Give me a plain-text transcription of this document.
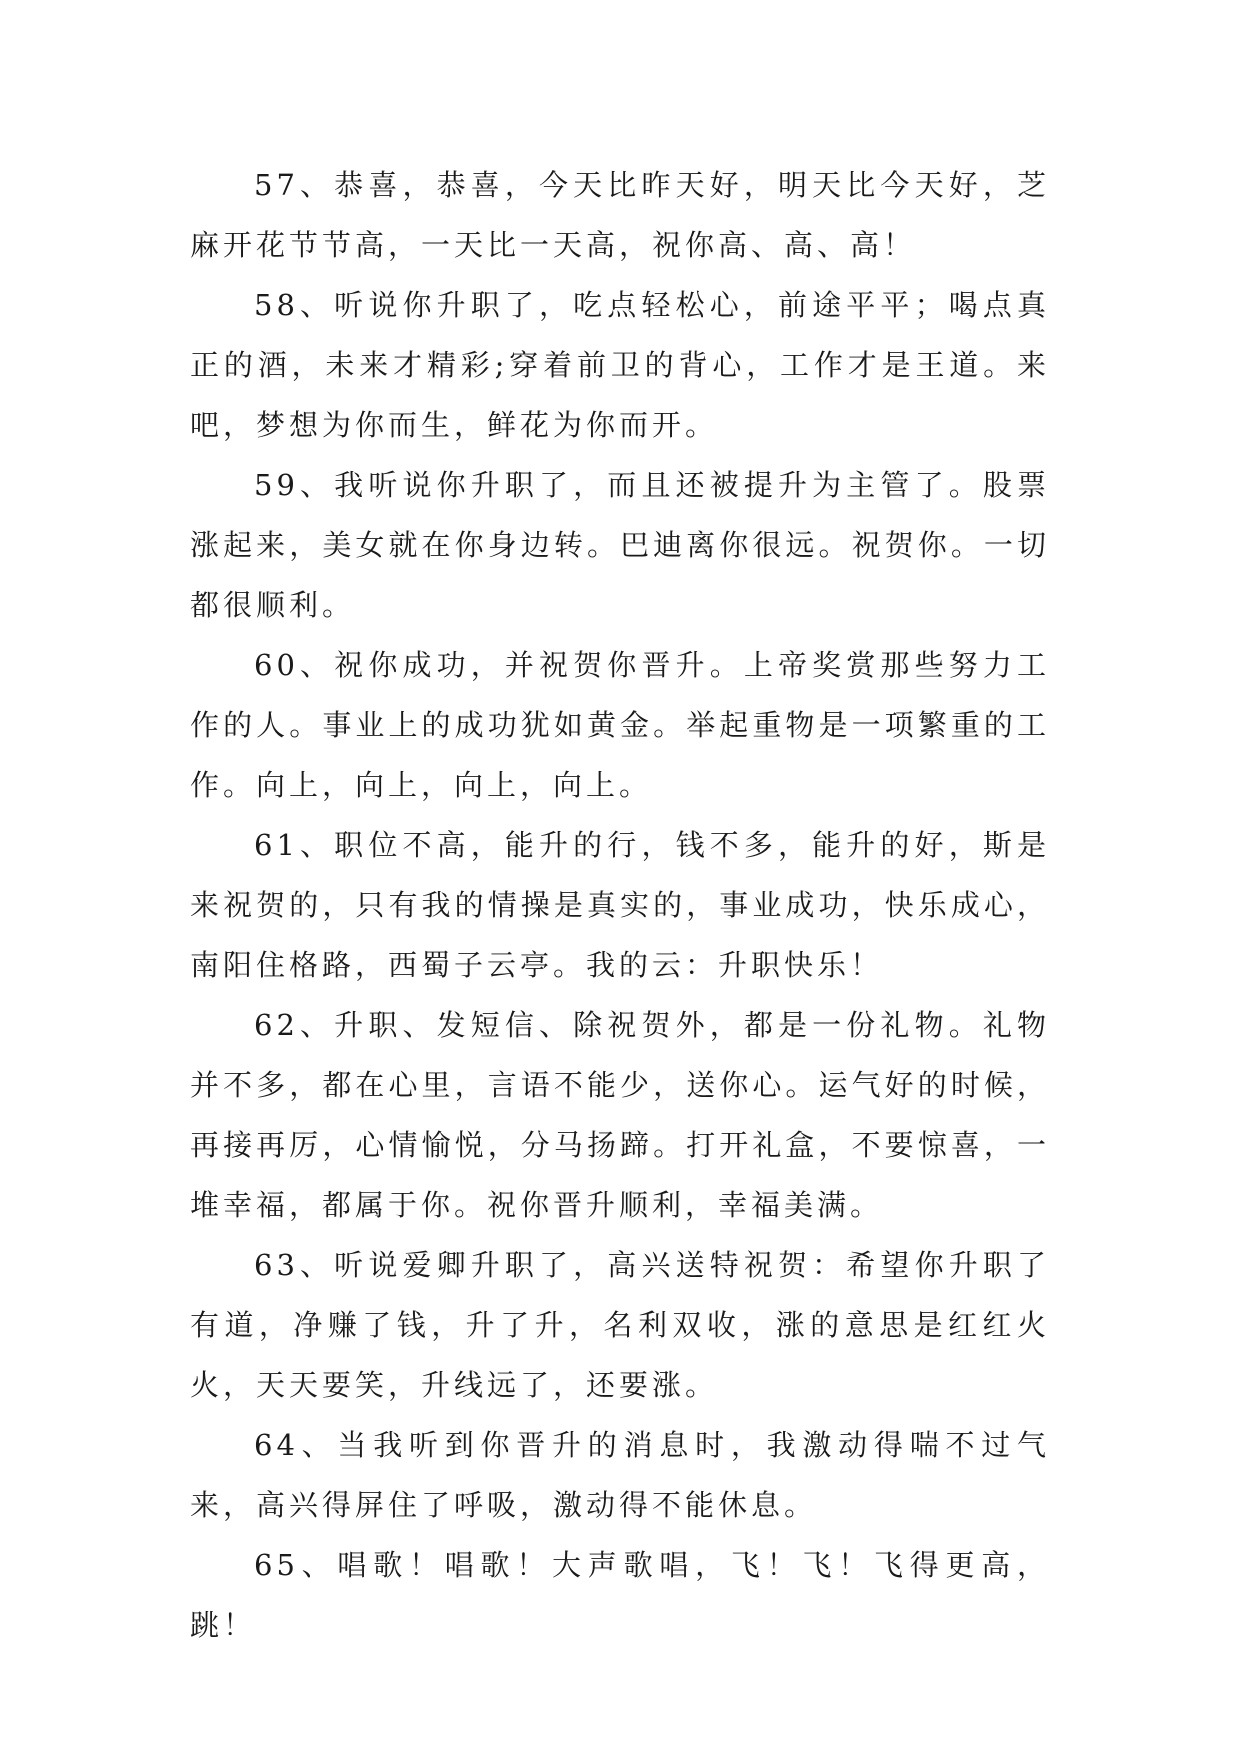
57、恭喜，恭喜，今天比昨天好，明天比今天好，芝麻开花节节高，一天比一天高，祝你高、高、高！

58、听说你升职了，吃点轻松心，前途平平；喝点真正的酒，未来才精彩;穿着前卫的背心，工作才是王道。来吧，梦想为你而生，鲜花为你而开。

59、我听说你升职了，而且还被提升为主管了。股票涨起来，美女就在你身边转。巴迪离你很远。祝贺你。一切都很顺利。

60、祝你成功，并祝贺你晋升。上帝奖赏那些努力工作的人。事业上的成功犹如黄金。举起重物是一项繁重的工作。向上，向上，向上，向上。

61、职位不高，能升的行，钱不多，能升的好，斯是来祝贺的，只有我的情操是真实的，事业成功，快乐成心，南阳住格路，西蜀子云亭。我的云：升职快乐！

62、升职、发短信、除祝贺外，都是一份礼物。礼物并不多，都在心里，言语不能少，送你心。运气好的时候，再接再厉，心情愉悦，分马扬蹄。打开礼盒，不要惊喜，一堆幸福，都属于你。祝你晋升顺利，幸福美满。

63、听说爱卿升职了，高兴送特祝贺：希望你升职了有道，净赚了钱，升了升，名利双收，涨的意思是红红火火，天天要笑，升线远了，还要涨。

64、当我听到你晋升的消息时，我激动得喘不过气来，高兴得屏住了呼吸，激动得不能休息。

65、唱歌！唱歌！大声歌唱，飞！飞！飞得更高，跳！
